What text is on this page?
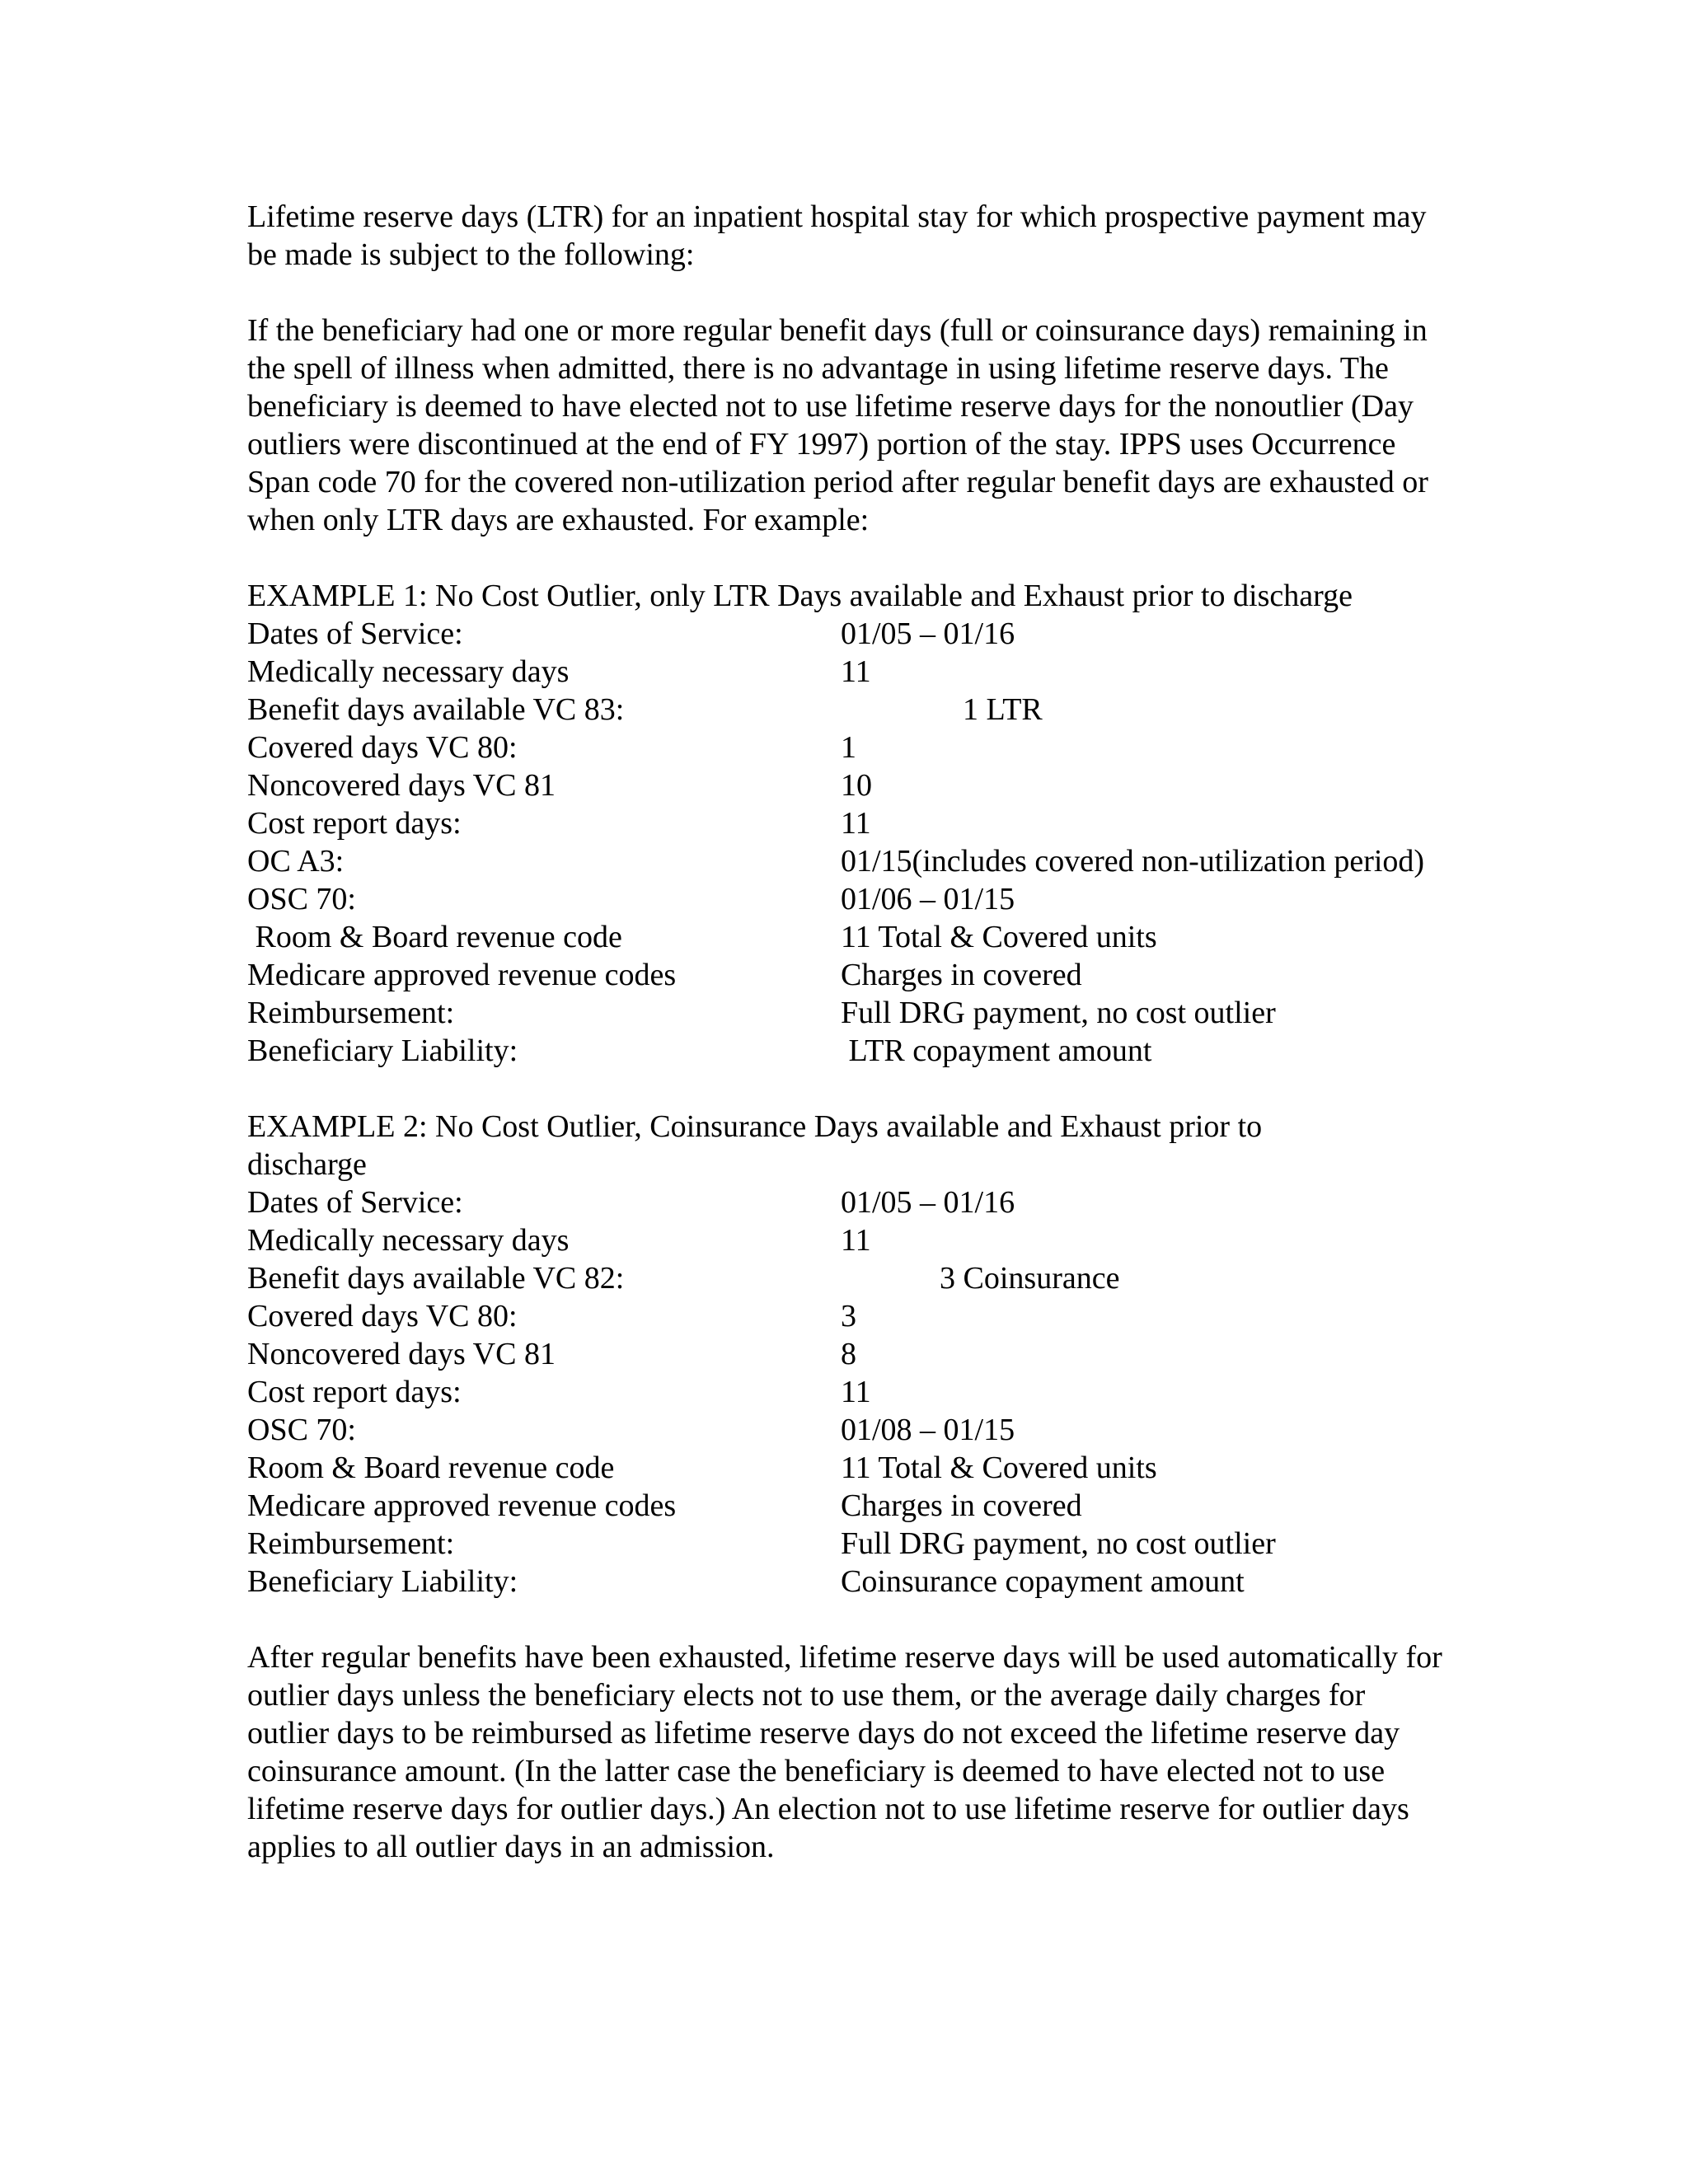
Lifetime reserve days (LTR) for an inpatient hospital stay for which prospective payment may be made is subject to the following:

If the beneficiary had one or more regular benefit days (full or coinsurance days) remaining in the spell of illness when admitted, there is no advantage in using lifetime reserve days. The beneficiary is deemed to have elected not to use lifetime reserve days for the nonoutlier (Day outliers were discontinued at the end of FY 1997) portion of the stay. IPPS uses Occurrence Span code 70 for the covered non-utilization period after regular benefit days are exhausted or when only LTR days are exhausted. For example:

EXAMPLE 1: No Cost Outlier, only LTR Days available and Exhaust prior to discharge

Dates of Service:	01/05 – 01/16
Medically necessary days	11
Benefit days available VC 83:	1 LTR
Covered days VC 80:	1
Noncovered days VC 81	10
Cost report days:	11
OC A3:	01/15(includes covered non-utilization period)
OSC 70:	01/06 – 01/15
Room & Board revenue code	11 Total & Covered units
Medicare approved revenue codes	Charges in covered
Reimbursement:	Full DRG payment, no cost outlier
Beneficiary Liability:	LTR copayment amount

EXAMPLE 2: No Cost Outlier, Coinsurance Days available and Exhaust prior to discharge

Dates of Service:	01/05 – 01/16
Medically necessary days	11
Benefit days available VC 82:	3 Coinsurance
Covered days VC 80:	3
Noncovered days VC 81	8
Cost report days:	11
OSC 70:	01/08 – 01/15
Room & Board revenue code	11 Total & Covered units
Medicare approved revenue codes	Charges in covered
Reimbursement:	Full DRG payment, no cost outlier
Beneficiary Liability:	Coinsurance copayment amount

After regular benefits have been exhausted, lifetime reserve days will be used automatically for outlier days unless the beneficiary elects not to use them, or the average daily charges for outlier days to be reimbursed as lifetime reserve days do not exceed the lifetime reserve day coinsurance amount. (In the latter case the beneficiary is deemed to have elected not to use lifetime reserve days for outlier days.) An election not to use lifetime reserve for outlier days applies to all outlier days in an admission.
